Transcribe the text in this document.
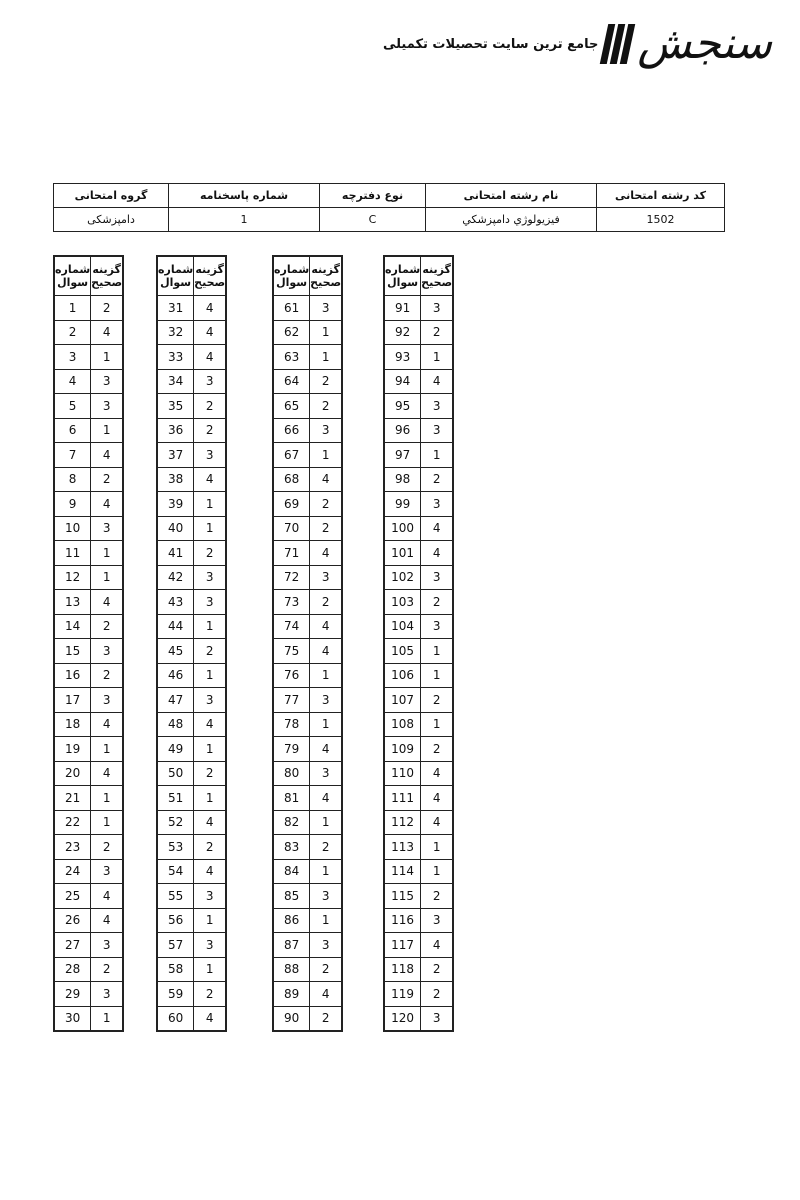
جامع ترین سایت تحصیلات تکمیلی سنجش
کد رشته امتحانی	نام رشته امتحانی	نوع دفترچه	شماره پاسخنامه	گروه امتحانی
1502	فيزيولوژي دامپزشكي	C	1	دامپزشکی
شماره سوال	گزینه صحیح
1	2
2	4
3	1
4	3
5	3
6	1
7	4
8	2
9	4
10	3
11	1
12	1
13	4
14	2
15	3
16	2
17	3
18	4
19	1
20	4
21	1
22	1
23	2
24	3
25	4
26	4
27	3
28	2
29	3
30	1
شماره سوال	گزینه صحیح
31	4
32	4
33	4
34	3
35	2
36	2
37	3
38	4
39	1
40	1
41	2
42	3
43	3
44	1
45	2
46	1
47	3
48	4
49	1
50	2
51	1
52	4
53	2
54	4
55	3
56	1
57	3
58	1
59	2
60	4
شماره سوال	گزینه صحیح
61	3
62	1
63	1
64	2
65	2
66	3
67	1
68	4
69	2
70	2
71	4
72	3
73	2
74	4
75	4
76	1
77	3
78	1
79	4
80	3
81	4
82	1
83	2
84	1
85	3
86	1
87	3
88	2
89	4
90	2
شماره سوال	گزینه صحیح
91	3
92	2
93	1
94	4
95	3
96	3
97	1
98	2
99	3
100	4
101	4
102	3
103	2
104	3
105	1
106	1
107	2
108	1
109	2
110	4
111	4
112	4
113	1
114	1
115	2
116	3
117	4
118	2
119	2
120	3
